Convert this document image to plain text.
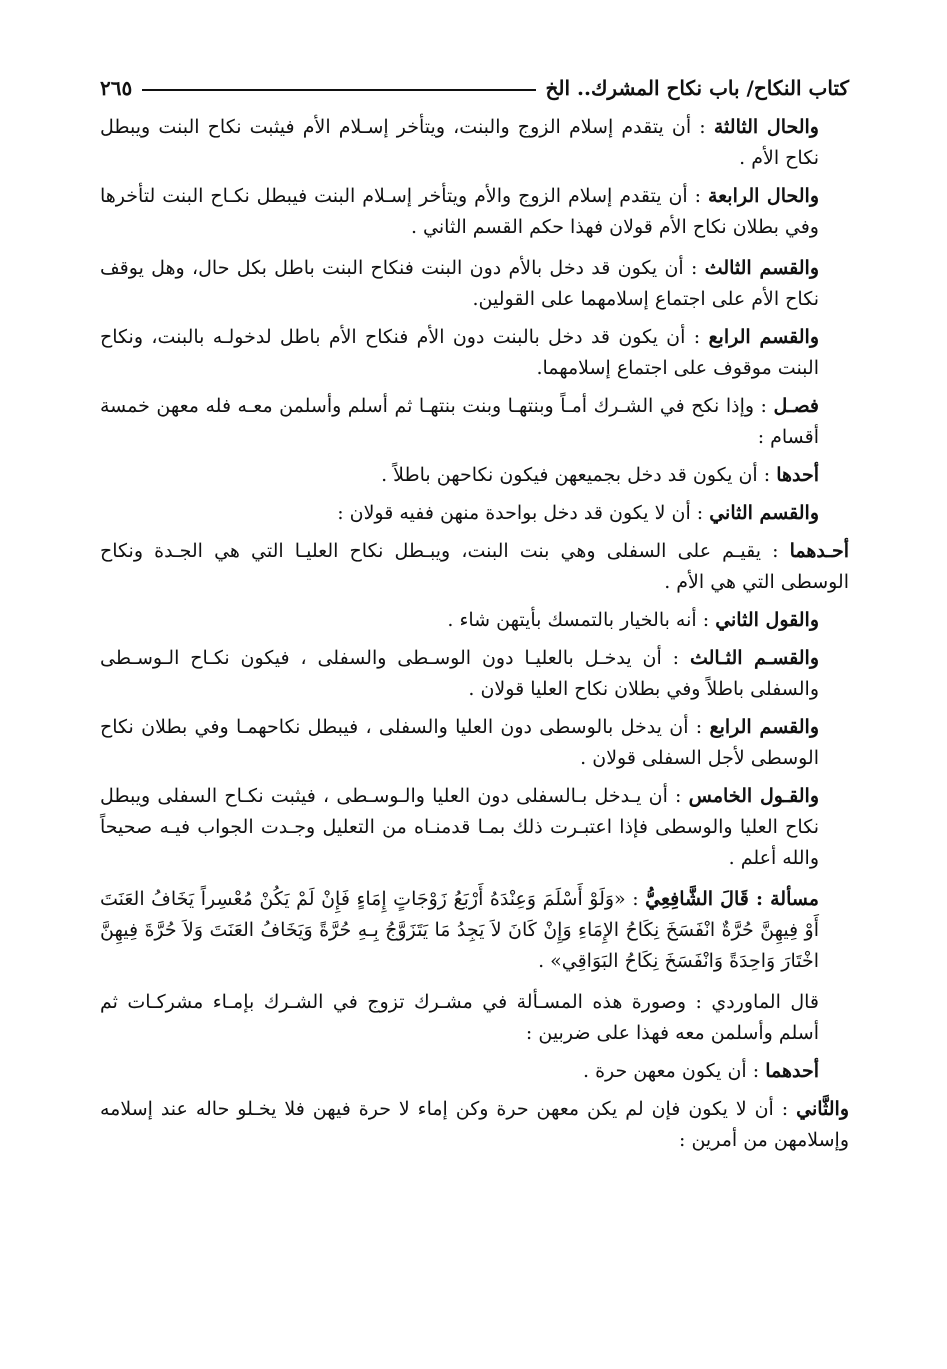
كتاب النكاح/ باب نكاح المشرك.. الخ
٢٦٥

والحال الثالثة : أن يتقدم إسلام الزوج والبنت، ويتأخر إسـلام الأم فيثبت نكاح البنت ويبطل نكاح الأم .

والحال الرابعة : أن يتقدم إسلام الزوج والأم ويتأخر إسـلام البنت فيبطل نكـاح البنت لتأخرها وفي بطلان نكاح الأم قولان فهذا حكم القسم الثاني .

والقسم الثالث : أن يكون قد دخل بالأم دون البنت فنكاح البنت باطل بكل حال، وهل يوقف نكاح الأم على اجتماع إسلامهما على القولين.

والقسم الرابع : أن يكون قد دخل بالبنت دون الأم فنكاح الأم باطل لدخولـه بالبنت، ونكاح البنت موقوف على اجتماع إسلامهما.

فصـل : وإذا نكح في الشـرك أمـاً وبنتهـا وبنت بنتهـا ثم أسلم وأسلمن معـه فله معهن خمسة أقسام :

أحدها : أن يكون قد دخل بجميعهن فيكون نكاحهن باطلاً .

والقسم الثاني : أن لا يكون قد دخل بواحدة منهن ففيه قولان :

أحـدهما : يقيـم على السفلى وهي بنت البنت، ويبـطل نكاح العليـا التي هي الجـدة ونكاح الوسطى التي هي الأم .

والقول الثاني : أنه بالخيار بالتمسك بأيتهن شاء .

والقسـم الثـالث : أن يدخـل بالعليـا دون الوسـطى والسفلى ، فيكون نكـاح الـوسـطى والسفلى باطلاً وفي بطلان نكاح العليا قولان .

والقسم الرابع : أن يدخل بالوسطى دون العليا والسفلى ، فيبطل نكاحهمـا وفي بطلان نكاح الوسطى لأجل السفلى قولان .

والقـول الخامس : أن يـدخل بـالسفلى دون العليا والـوسـطى ، فيثبت نكـاح السفلى ويبطل نكاح العليا والوسطى فإذا اعتبـرت ذلك بمـا قدمنـاه من التعليل وجـدت الجواب فيـه صحيحاً والله أعلم .

مسألة : قَالَ الشَّافِعِيُّ : «وَلَوْ أَسْلَمَ وَعِنْدَهُ أَرْبَعُ زَوْجَاتٍ إِمَاءٍ فَإِنْ لَمْ يَكُنْ مُعْسِراً يَخَافُ العَنَتَ أَوْ فِيهِنَّ حُرَّةٌ انْفَسَخَ نِكَاحُ الإِمَاءِ وَإِنْ كَانَ لاَ يَجِدُ مَا يَتَزَوَّجُ بِـهِ حُرَّةً وَيَخَافُ العَنَتَ وَلاَ حُرَّةَ فِيهِنَّ اخْتَارَ وَاحِدَةً وَانْفَسَخَ نِكَاحُ البَوَاقِي» .

قال الماوردي : وصورة هذه المسـألة في مشـرك تزوج في الشـرك بإمـاء مشركـات ثم أسلم وأسلمن معه فهذا على ضربين :

أحدهما : أن يكون معهن حرة .

والثَّاني : أن لا يكون فإن لم يكن معهن حرة وكن إماء لا حرة فيهن فلا يخـلو حاله عند إسلامه وإسلامهن من أمرين :
